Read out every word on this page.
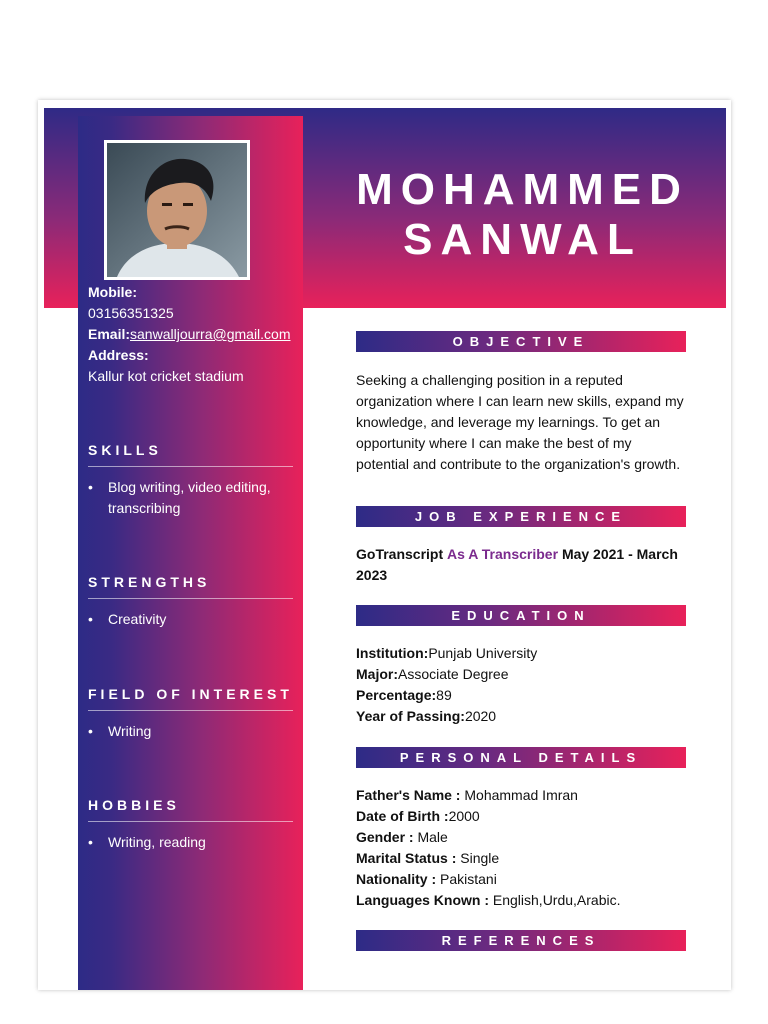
Mobile:
03156351325
Email:sanwalljourra@gmail.com
Address:
Kallur kot cricket stadium
SKILLS
• Blog writing, video editing, transcribing
STRENGTHS
• Creativity
FIELD OF INTEREST
• Writing
HOBBIES
• Writing, reading
MOHAMMED
SANWAL
OBJECTIVE
Seeking a challenging position in a reputed organization where I can learn new skills, expand my knowledge, and leverage my learnings. To get an opportunity where I can make the best of my potential and contribute to the organization's growth.
JOB EXPERIENCE
GoTranscript As A Transcriber May 2021 - March 2023
EDUCATION
Institution:Punjab University
Major:Associate Degree
Percentage:89
Year of Passing:2020
PERSONAL DETAILS
Father's Name : Mohammad Imran
Date of Birth :2000
Gender : Male
Marital Status : Single
Nationality : Pakistani
Languages Known : English,Urdu,Arabic.
REFERENCES
